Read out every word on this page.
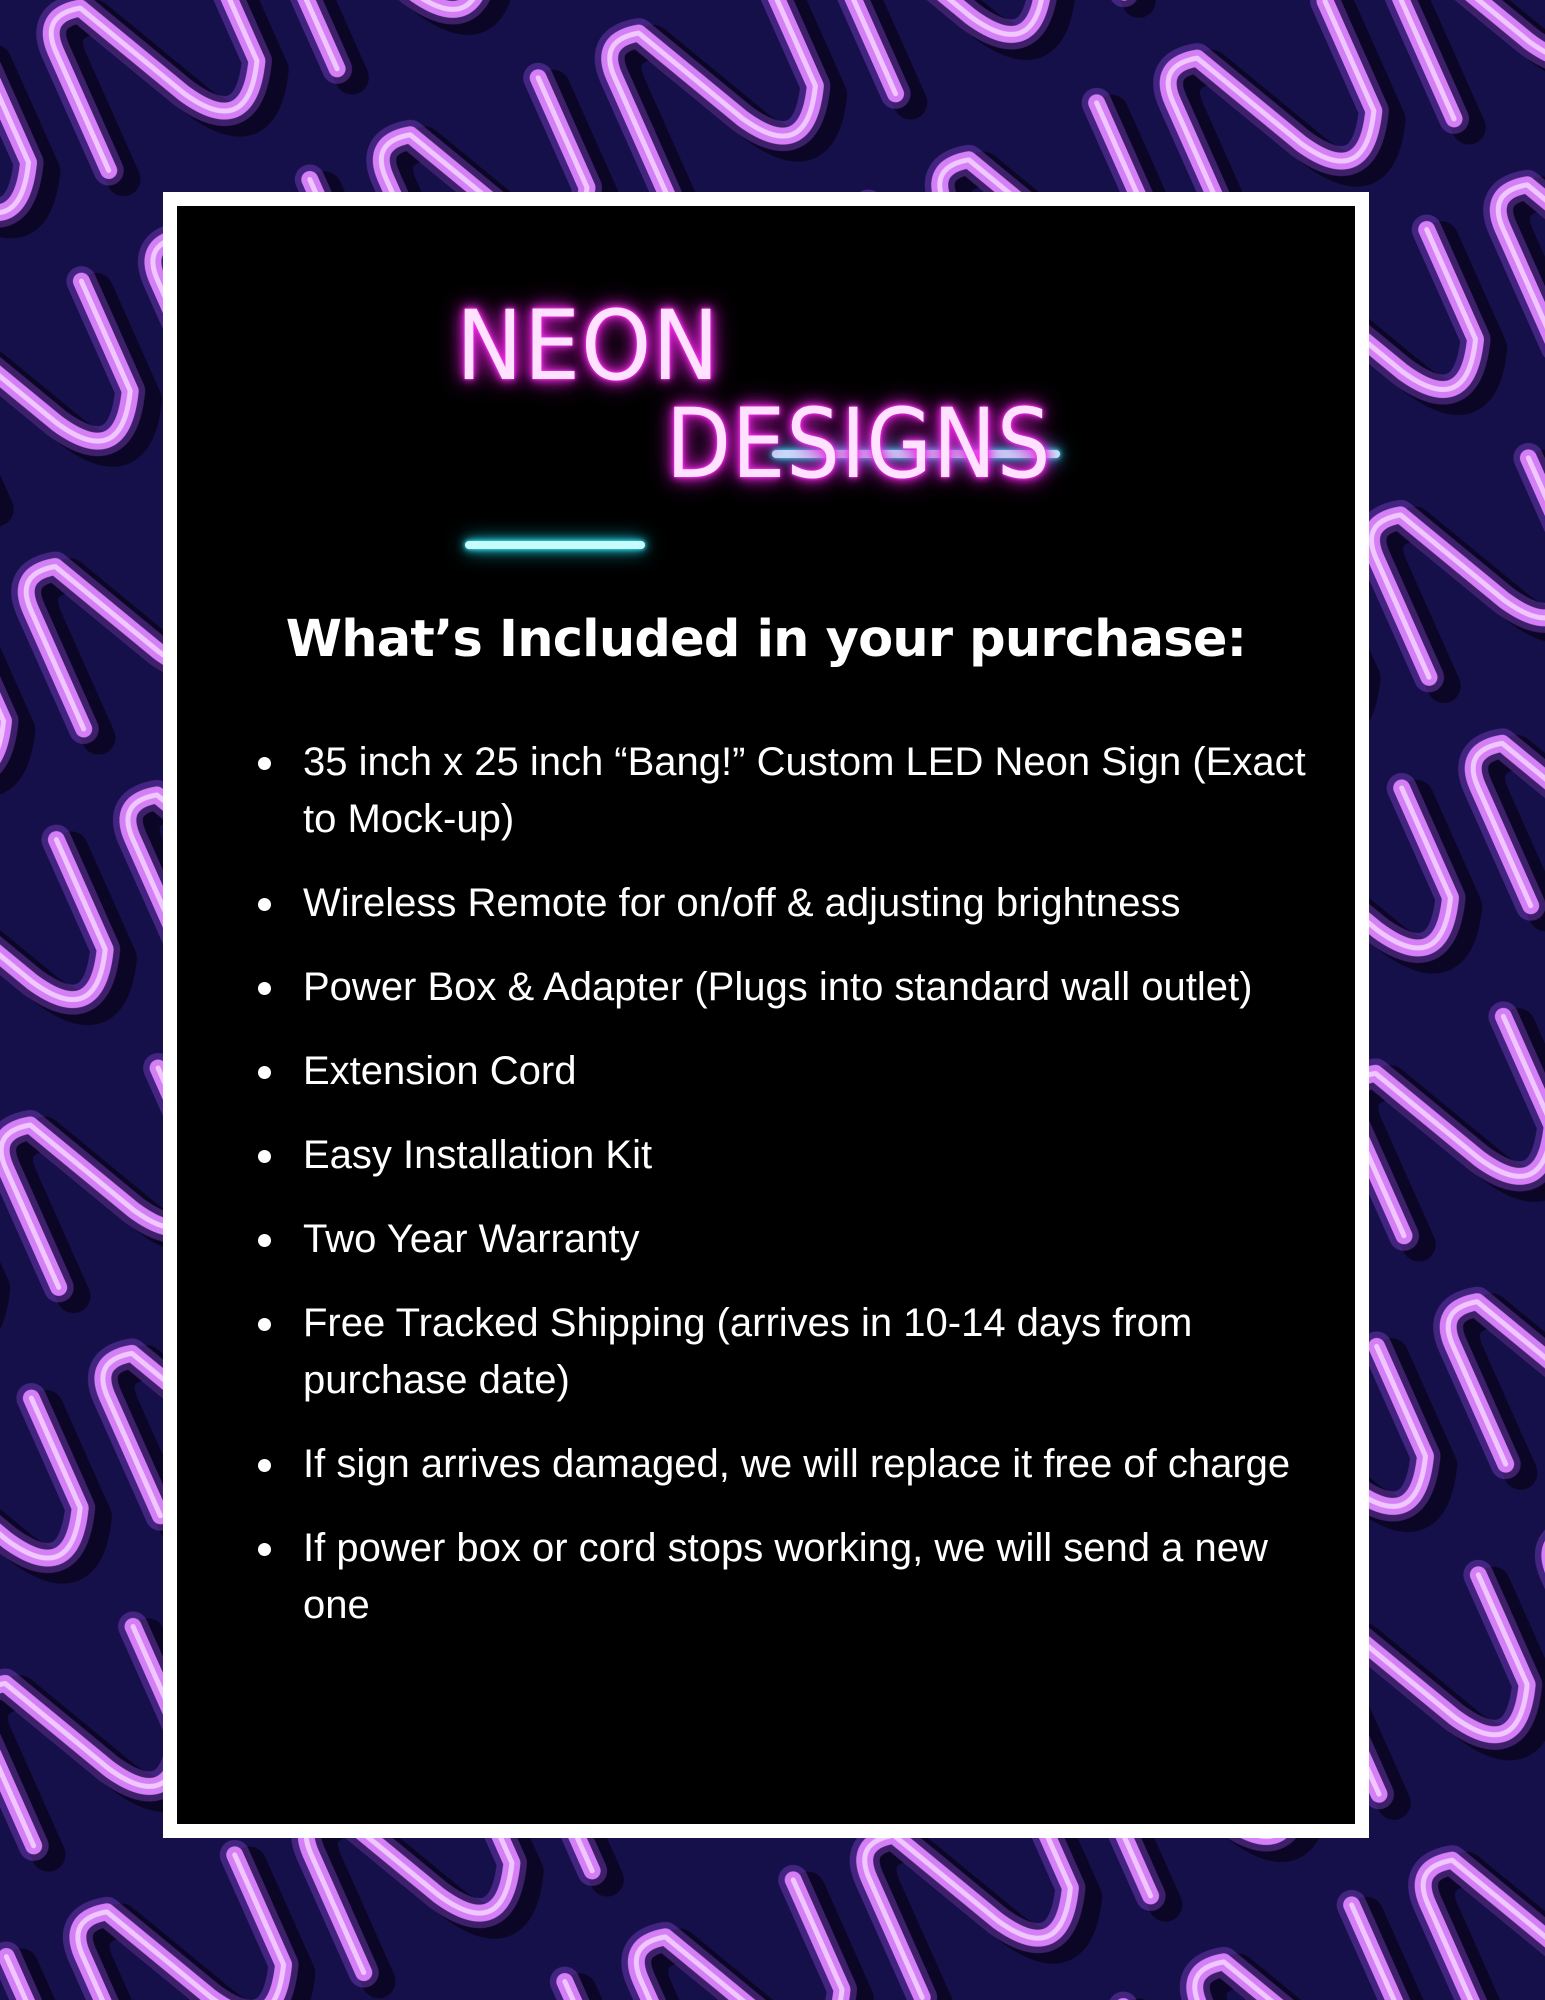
NEON
DESIGNS
What’s Included in your purchase:
35 inch x 25 inch “Bang!” Custom LED Neon Sign (Exact to Mock-up)
Wireless Remote for on/off & adjusting brightness
Power Box & Adapter (Plugs into standard wall outlet)
Extension Cord
Easy Installation Kit
Two Year Warranty
Free Tracked Shipping (arrives in 10-14 days from purchase date)
If sign arrives damaged, we will replace it free of charge
If power box or cord stops working, we will send a new one
